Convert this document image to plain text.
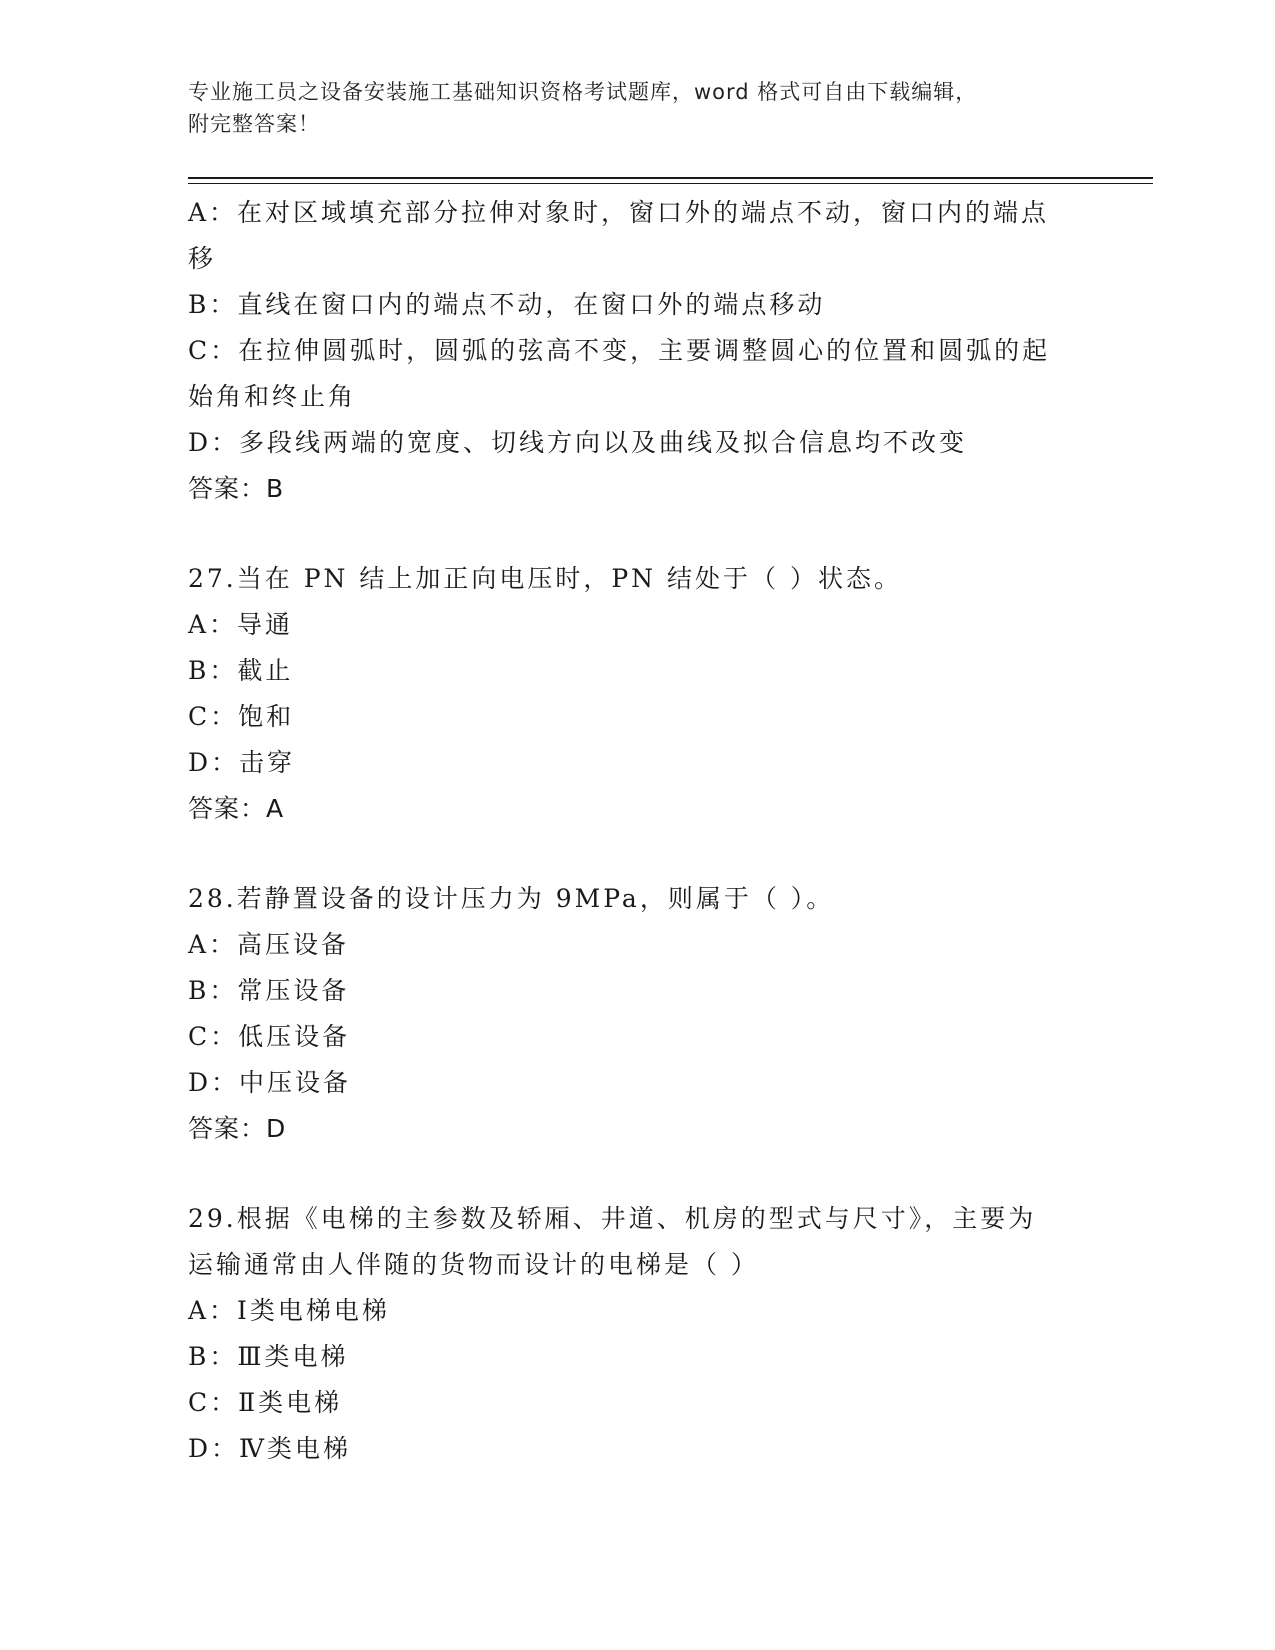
专业施工员之设备安装施工基础知识资格考试题库，word 格式可自由下载编辑，
附完整答案！
A：在对区域填充部分拉伸对象时，窗口外的端点不动，窗口内的端点
移
B：直线在窗口内的端点不动，在窗口外的端点移动
C：在拉伸圆弧时，圆弧的弦高不变，主要调整圆心的位置和圆弧的起
始角和终止角
D：多段线两端的宽度、切线方向以及曲线及拟合信息均不改变
答案：B
27.当在 PN 结上加正向电压时，PN 结处于（ ）状态。
A：导通
B：截止
C：饱和
D：击穿
答案：A
28.若静置设备的设计压力为 9MPa，则属于（ ）。
A：高压设备
B：常压设备
C：低压设备
D：中压设备
答案：D
29.根据《电梯的主参数及轿厢、井道、机房的型式与尺寸》，主要为
运输通常由人伴随的货物而设计的电梯是（ ）
A：Ⅰ类电梯电梯
B：Ⅲ类电梯
C：Ⅱ类电梯
D：Ⅳ类电梯
